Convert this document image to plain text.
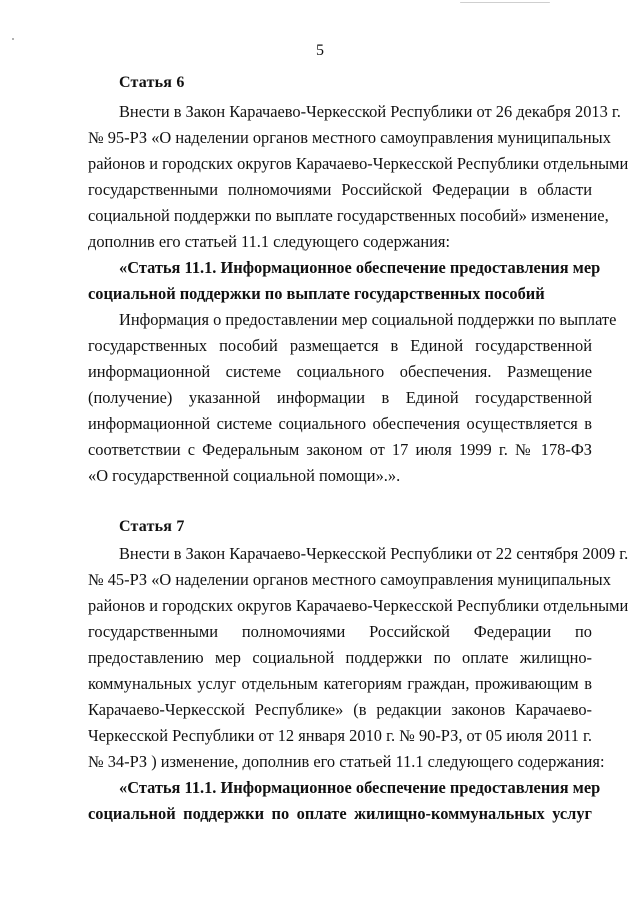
5
Статья 6
Внести в Закон Карачаево-Черкесской Республики от 26 декабря 2013 г.
№ 95-РЗ «О наделении органов местного самоуправления муниципальных
районов и городских округов Карачаево-Черкесской Республики отдельными
государственными полномочиями Российской Федерации в области
социальной поддержки по выплате государственных пособий» изменение,
дополнив его статьей 11.1 следующего содержания:
«Статья 11.1. Информационное обеспечение предоставления мер
социальной поддержки по выплате государственных пособий
Информация о предоставлении мер социальной поддержки по выплате
государственных пособий размещается в Единой государственной
информационной системе социального обеспечения. Размещение
(получение) указанной информации в Единой государственной
информационной системе социального обеспечения осуществляется в
соответствии с Федеральным законом от 17 июля 1999 г. № 178-ФЗ
«О государственной социальной помощи».».
Статья 7
Внести в Закон Карачаево-Черкесской Республики от 22 сентября 2009 г.
№ 45-РЗ «О наделении органов местного самоуправления муниципальных
районов и городских округов Карачаево-Черкесской Республики отдельными
государственными полномочиями Российской Федерации по
предоставлению мер социальной поддержки по оплате жилищно-
коммунальных услуг отдельным категориям граждан, проживающим в
Карачаево-Черкесской Республике» (в редакции законов Карачаево-
Черкесской Республики от 12 января 2010 г. № 90-РЗ, от 05 июля 2011 г.
№ 34-РЗ ) изменение, дополнив его статьей 11.1 следующего содержания:
«Статья 11.1. Информационное обеспечение предоставления мер
социальной поддержки по оплате жилищно-коммунальных услуг
